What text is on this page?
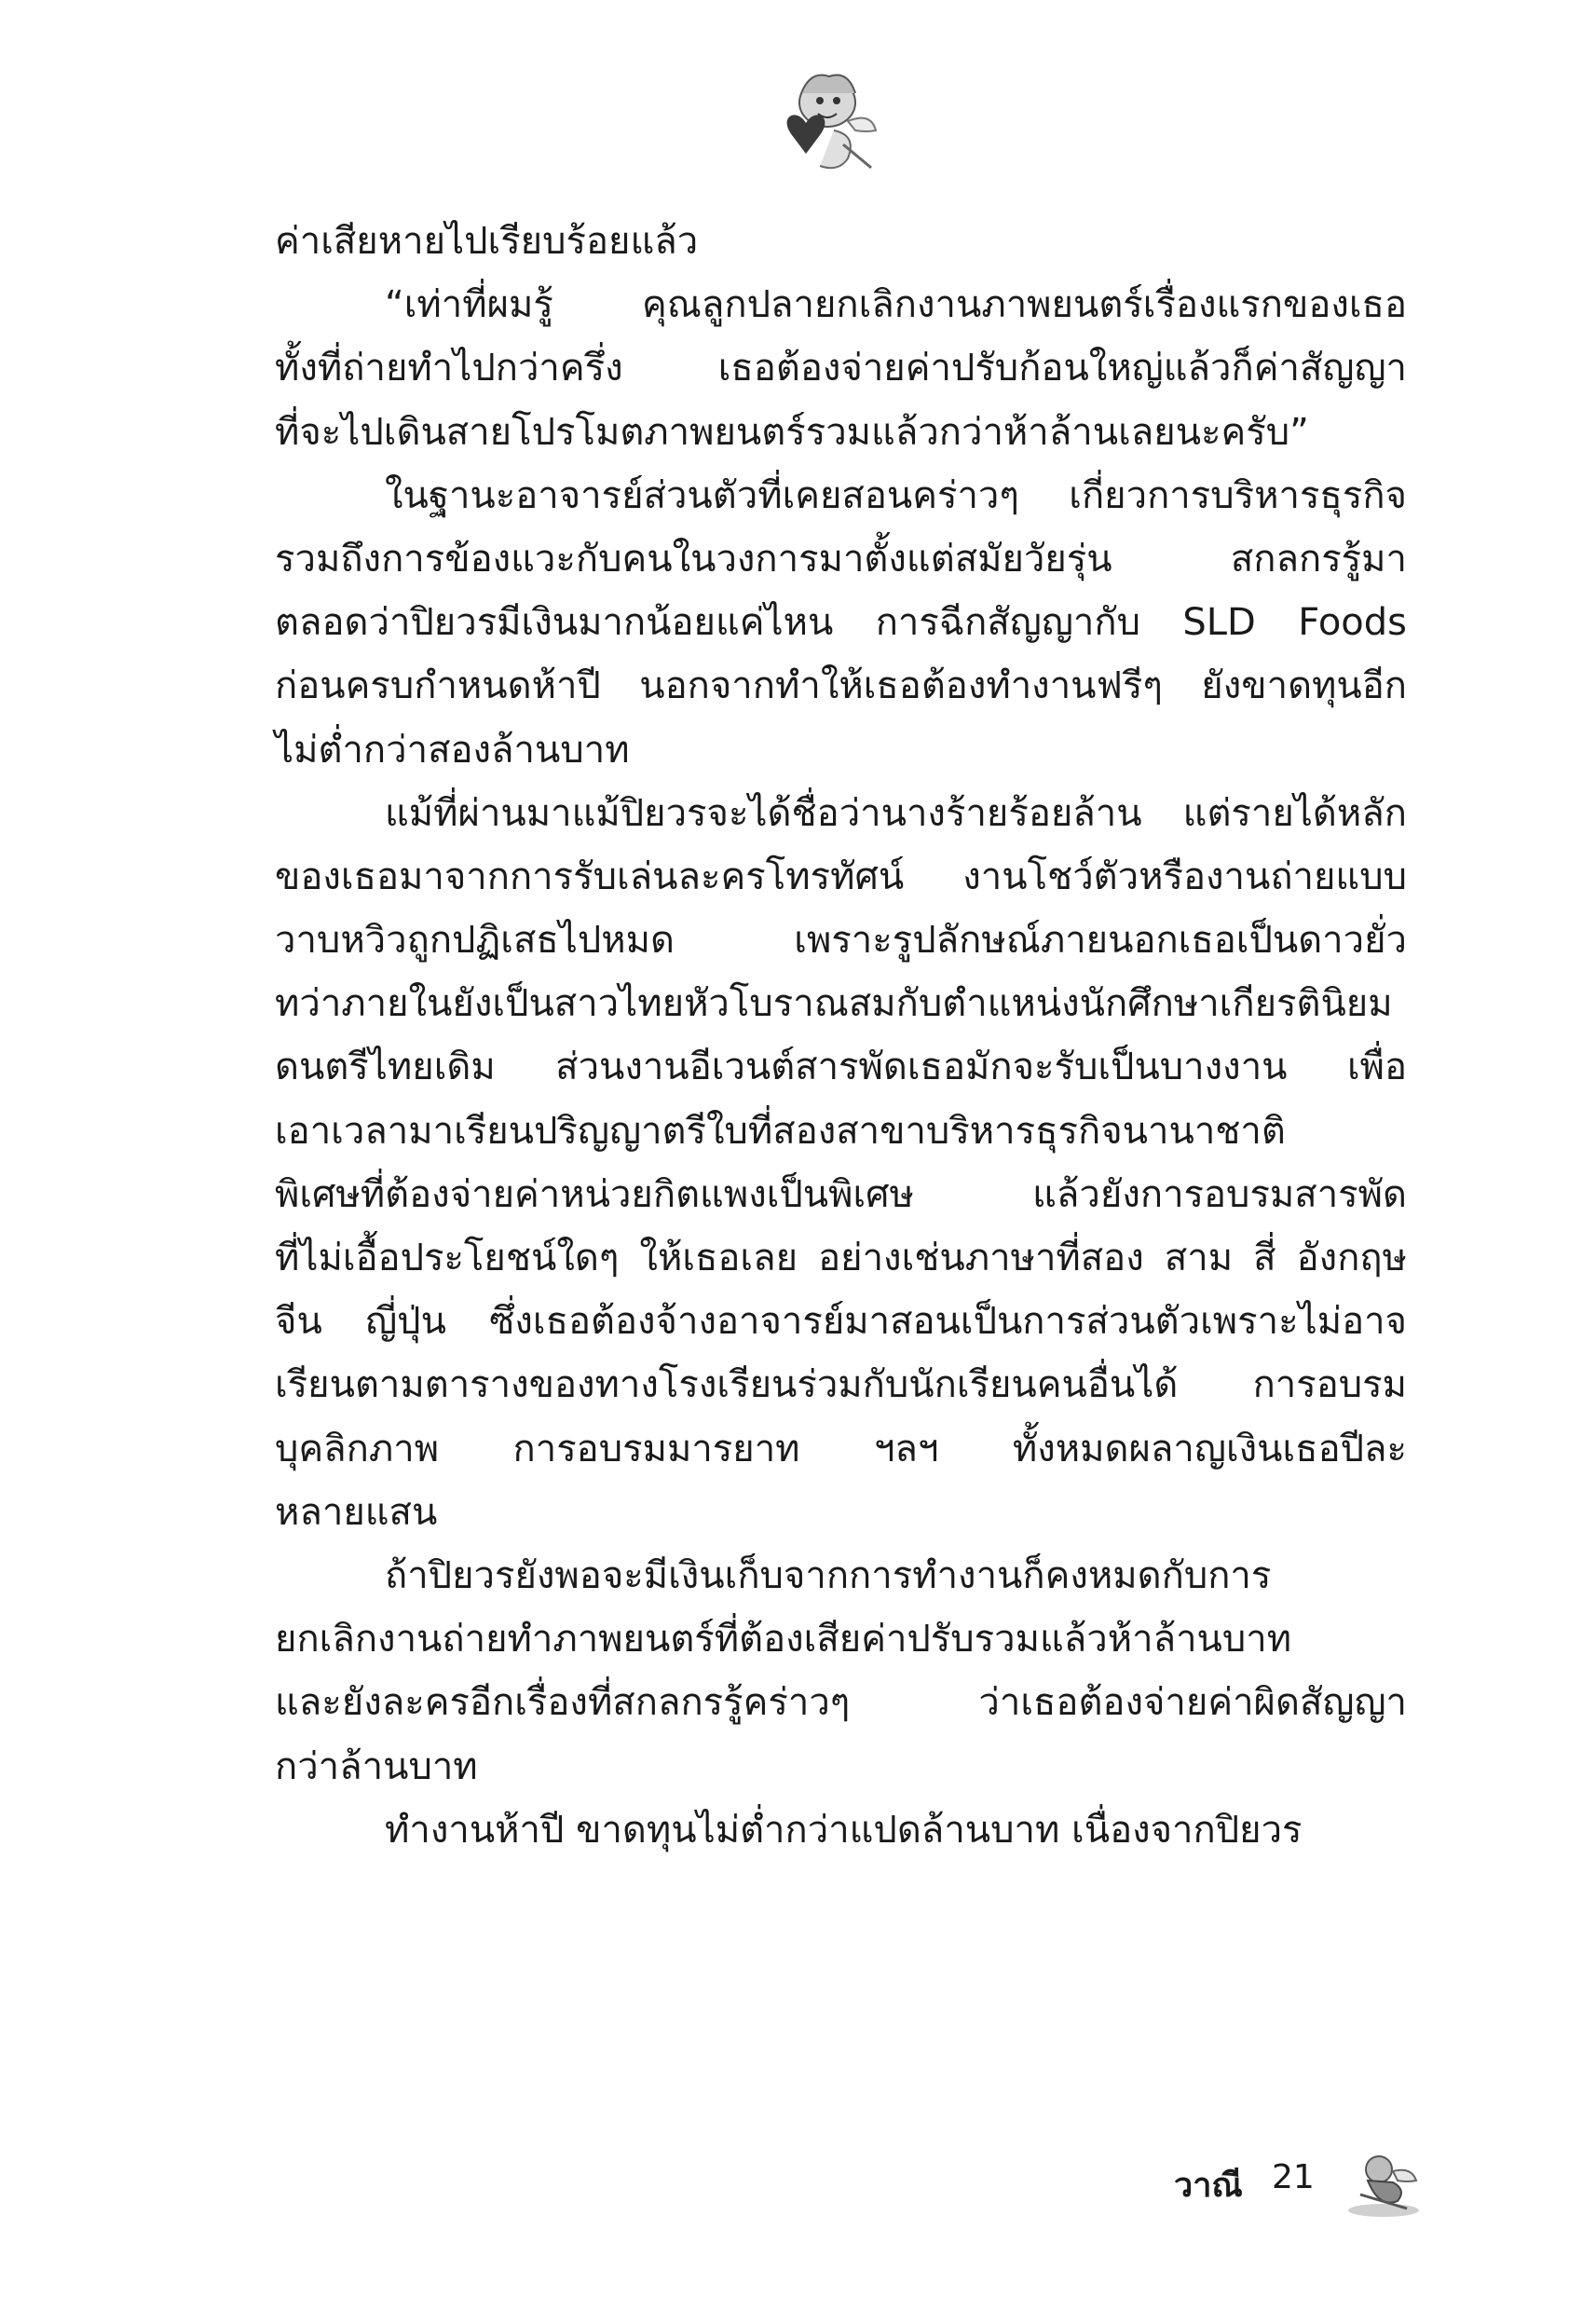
ค่าเสียหายไปเรียบร้อยแล้ว
“เท่าที่ผมรู้ คุณลูกปลายกเลิกงานภาพยนตร์เรื่องแรกของเธอ
ทั้งที่ถ่ายทำไปกว่าครึ่ง เธอต้องจ่ายค่าปรับก้อนใหญ่แล้วก็ค่าสัญญา
ที่จะไปเดินสายโปรโมตภาพยนตร์รวมแล้วกว่าห้าล้านเลยนะครับ”
ในฐานะอาจารย์ส่วนตัวที่เคยสอนคร่าวๆ เกี่ยวการบริหารธุรกิจ
รวมถึงการข้องแวะกับคนในวงการมาตั้งแต่สมัยวัยรุ่น สกลกรรู้มา
ตลอดว่าปิยวรมีเงินมากน้อยแค่ไหน การฉีกสัญญากับ SLD Foods
ก่อนครบกำหนดห้าปี นอกจากทำให้เธอต้องทำงานฟรีๆ ยังขาดทุนอีก
ไม่ต่ำกว่าสองล้านบาท
แม้ที่ผ่านมาแม้ปิยวรจะได้ชื่อว่านางร้ายร้อยล้าน แต่รายได้หลัก
ของเธอมาจากการรับเล่นละครโทรทัศน์ งานโชว์ตัวหรืองานถ่ายแบบ
วาบหวิวถูกปฏิเสธไปหมด เพราะรูปลักษณ์ภายนอกเธอเป็นดาวยั่ว
ทว่าภายในยังเป็นสาวไทยหัวโบราณสมกับตำแหน่งนักศึกษาเกียรตินิยม
ดนตรีไทยเดิม ส่วนงานอีเวนต์สารพัดเธอมักจะรับเป็นบางงาน เพื่อ
เอาเวลามาเรียนปริญญาตรีใบที่สองสาขาบริหารธุรกิจนานาชาติ
พิเศษที่ต้องจ่ายค่าหน่วยกิตแพงเป็นพิเศษ แล้วยังการอบรมสารพัด
ที่ไม่เอื้อประโยชน์ใดๆ ให้เธอเลย อย่างเช่นภาษาที่สอง สาม สี่ อังกฤษ
จีน ญี่ปุ่น ซึ่งเธอต้องจ้างอาจารย์มาสอนเป็นการส่วนตัวเพราะไม่อาจ
เรียนตามตารางของทางโรงเรียนร่วมกับนักเรียนคนอื่นได้ การอบรม
บุคลิกภาพ การอบรมมารยาท ฯลฯ ทั้งหมดผลาญเงินเธอปีละ
หลายแสน
ถ้าปิยวรยังพอจะมีเงินเก็บจากการทำงานก็คงหมดกับการ
ยกเลิกงานถ่ายทำภาพยนตร์ที่ต้องเสียค่าปรับรวมแล้วห้าล้านบาท
และยังละครอีกเรื่องที่สกลกรรู้คร่าวๆ ว่าเธอต้องจ่ายค่าผิดสัญญา
กว่าล้านบาท
ทำงานห้าปี ขาดทุนไม่ต่ำกว่าแปดล้านบาท เนื่องจากปิยวร
วาณี 21
